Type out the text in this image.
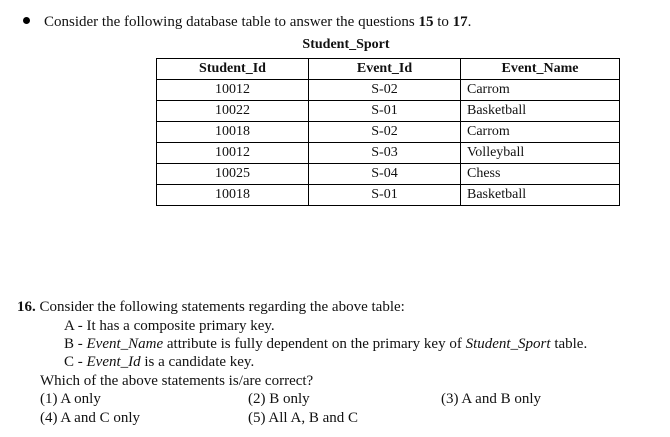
Consider the following database table to answer the questions 15 to 17.
Student_Sport
Student_Id	Event_Id	Event_Name
10012	S-02	Carrom
10022	S-01	Basketball
10018	S-02	Carrom
10012	S-03	Volleyball
10025	S-04	Chess
10018	S-01	Basketball
16. Consider the following statements regarding the above table:
A - It has a composite primary key.
B - Event_Name attribute is fully dependent on the primary key of Student_Sport table.
C - Event_Id is a candidate key.
Which of the above statements is/are correct?
(1) A only	(2) B only	(3) A and B only
(4) A and C only	(5) All A, B and C
